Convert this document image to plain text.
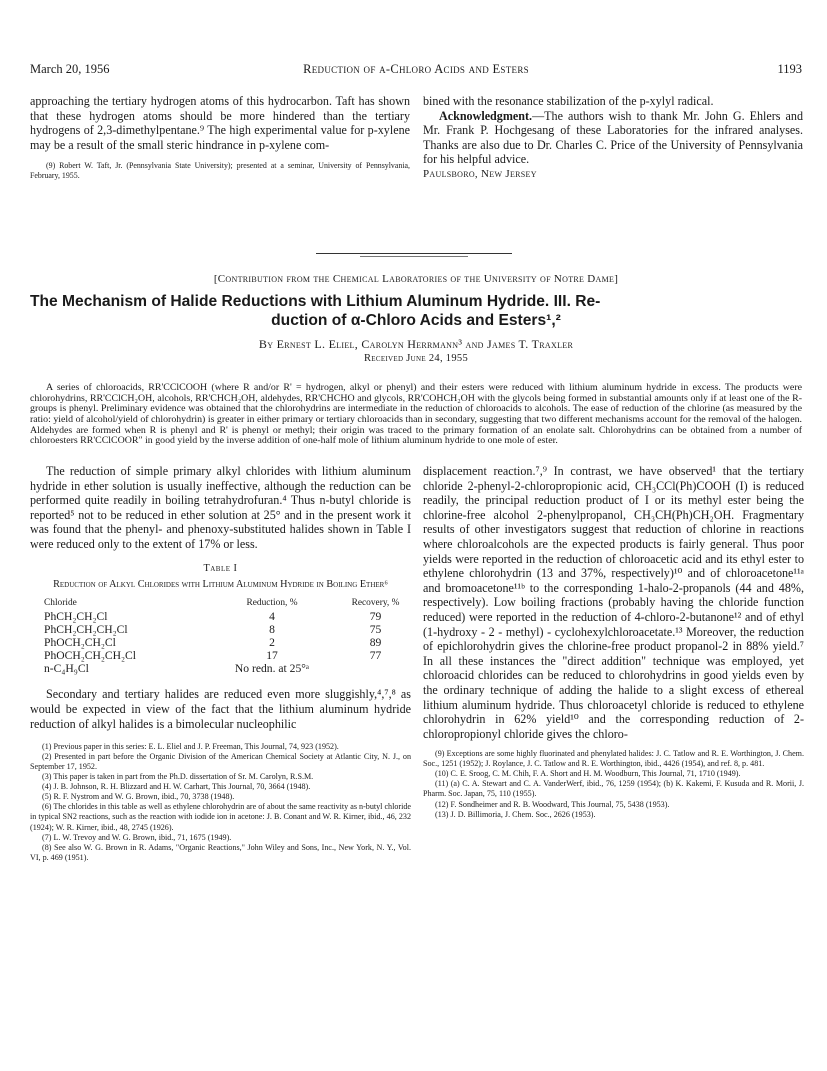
March 20, 1956	Reduction of α-Chloro Acids and Esters	1193

approaching the tertiary hydrogen atoms of this hydrocarbon. Taft has shown that these hydrogen atoms should be more hindered than the tertiary hydrogens of 2,3-dimethylpentane.⁹ The high experimental value for p-xylene may be a result of the small steric hindrance in p-xylene com-

(9) Robert W. Taft, Jr. (Pennsylvania State University); presented at a seminar, University of Pennsylvania, February, 1955.

bined with the resonance stabilization of the p-xylyl radical.

Acknowledgment.—The authors wish to thank Mr. John G. Ehlers and Mr. Frank P. Hochgesang of these Laboratories for the infrared analyses. Thanks are also due to Dr. Charles C. Price of the University of Pennsylvania for his helpful advice.

Paulsboro, New Jersey

[Contribution from the Chemical Laboratories of the University of Notre Dame]
The Mechanism of Halide Reductions with Lithium Aluminum Hydride. III. Re-
duction of α-Chloro Acids and Esters¹,²
By Ernest L. Eliel, Carolyn Herrmann³ and James T. Traxler
Received June 24, 1955

A series of chloroacids, RR'CClCOOH (where R and/or R' = hydrogen, alkyl or phenyl) and their esters were reduced with lithium aluminum hydride in excess. The products were chlorohydrins, RR'CClCH₂OH, alcohols, RR'CHCH₂OH, aldehydes, RR'CHCHO and glycols, RR'COHCH₂OH with the glycols being formed in substantial amounts only if at least one of the R-groups is phenyl. Preliminary evidence was obtained that the chlorohydrins are intermediate in the reduction of chloroacids to alcohols. The ease of reduction of the chlorine (as measured by the ratio: yield of alcohol/yield of chlorohydrin) is greater in either primary or tertiary chloroacids than in secondary, suggesting that two different mechanisms account for the removal of the halogen. Aldehydes are formed when R is phenyl and R' is phenyl or methyl; their origin was traced to the primary formation of an enolate salt. Chlorohydrins can be obtained from a number of chloroesters RR'CClCOOR″ in good yield by the inverse addition of one-half mole of lithium aluminum hydride to one mole of ester.

The reduction of simple primary alkyl chlorides with lithium aluminum hydride in ether solution is usually ineffective, although the reduction can be performed quite readily in boiling tetrahydrofuran.⁴ Thus n-butyl chloride is reported⁵ not to be reduced in ether solution at 25° and in the present work it was found that the phenyl- and phenoxy-substituted halides shown in Table I were reduced only to the extent of 17% or less.

Table I
Reduction of Alkyl Chlorides with Lithium Aluminum Hydride in Boiling Ether⁶
Chloride	Reduction, %	Recovery, %
PhCH₂CH₂Cl	4	79
PhCH₂CH₂CH₂Cl	8	75
PhOCH₂CH₂Cl	2	89
PhOCH₂CH₂CH₂Cl	17	77
n-C₄H₉Cl	No redn. at 25°ᵃ	

Secondary and tertiary halides are reduced even more sluggishly,⁴,⁷,⁸ as would be expected in view of the fact that the lithium aluminum hydride reduction of alkyl halides is a bimolecular nucleophilic

(1) Previous paper in this series: E. L. Eliel and J. P. Freeman, This Journal, 74, 923 (1952).

(2) Presented in part before the Organic Division of the American Chemical Society at Atlantic City, N. J., on September 17, 1952.

(3) This paper is taken in part from the Ph.D. dissertation of Sr. M. Carolyn, R.S.M.

(4) J. B. Johnson, R. H. Blizzard and H. W. Carhart, This Journal, 70, 3664 (1948).

(5) R. F. Nystrom and W. G. Brown, ibid., 70, 3738 (1948).

(6) The chlorides in this table as well as ethylene chlorohydrin are of about the same reactivity as n-butyl chloride in typical SN2 reactions, such as the reaction with iodide ion in acetone: J. B. Conant and W. R. Kirner, ibid., 46, 232 (1924); W. R. Kirner, ibid., 48, 2745 (1926).

(7) L. W. Trevoy and W. G. Brown, ibid., 71, 1675 (1949).

(8) See also W. G. Brown in R. Adams, "Organic Reactions," John Wiley and Sons, Inc., New York, N. Y., Vol. VI, p. 469 (1951).

displacement reaction.⁷,⁹ In contrast, we have observed¹ that the tertiary chloride 2-phenyl-2-chloropropionic acid, CH₃CCl(Ph)COOH (I) is reduced readily, the principal reduction product of I or its methyl ester being the chlorine-free alcohol 2-phenylpropanol, CH₃CH(Ph)CH₂OH. Fragmentary results of other investigators suggest that reduction of chlorine in reactions where chloroalcohols are the expected products is fairly general. Thus poor yields were reported in the reduction of chloroacetic acid and its ethyl ester to ethylene chlorohydrin (13 and 37%, respectively)¹⁰ and of chloroacetone¹¹ᵃ and bromoacetone¹¹ᵇ to the corresponding 1-halo-2-propanols (44 and 48%, respectively). Low boiling fractions (probably having the chloride function reduced) were reported in the reduction of 4-chloro-2-butanone¹² and of ethyl (1-hydroxy - 2 - methyl) - cyclohexylchloroacetate.¹³ Moreover, the reduction of epichlorohydrin gives the chlorine-free product propanol-2 in 88% yield.⁷ In all these instances the "direct addition" technique was employed, yet chloroacid chlorides can be reduced to chlorohydrins in good yields even by the ordinary technique of adding the halide to a slight excess of ethereal lithium aluminum hydride. Thus chloroacetyl chloride is reduced to ethylene chlorohydrin in 62% yield¹⁰ and the corresponding reduction of 2-chloropropionyl chloride gives the chloro-

(9) Exceptions are some highly fluorinated and phenylated halides: J. C. Tatlow and R. E. Worthington, J. Chem. Soc., 1251 (1952); J. Roylance, J. C. Tatlow and R. E. Worthington, ibid., 4426 (1954), and ref. 8, p. 481.

(10) C. E. Sroog, C. M. Chih, F. A. Short and H. M. Woodburn, This Journal, 71, 1710 (1949).

(11) (a) C. A. Stewart and C. A. VanderWerf, ibid., 76, 1259 (1954); (b) K. Kakemi, F. Kusuda and R. Morii, J. Pharm. Soc. Japan, 75, 110 (1955).

(12) F. Sondheimer and R. B. Woodward, This Journal, 75, 5438 (1953).

(13) J. D. Billimoria, J. Chem. Soc., 2626 (1953).
